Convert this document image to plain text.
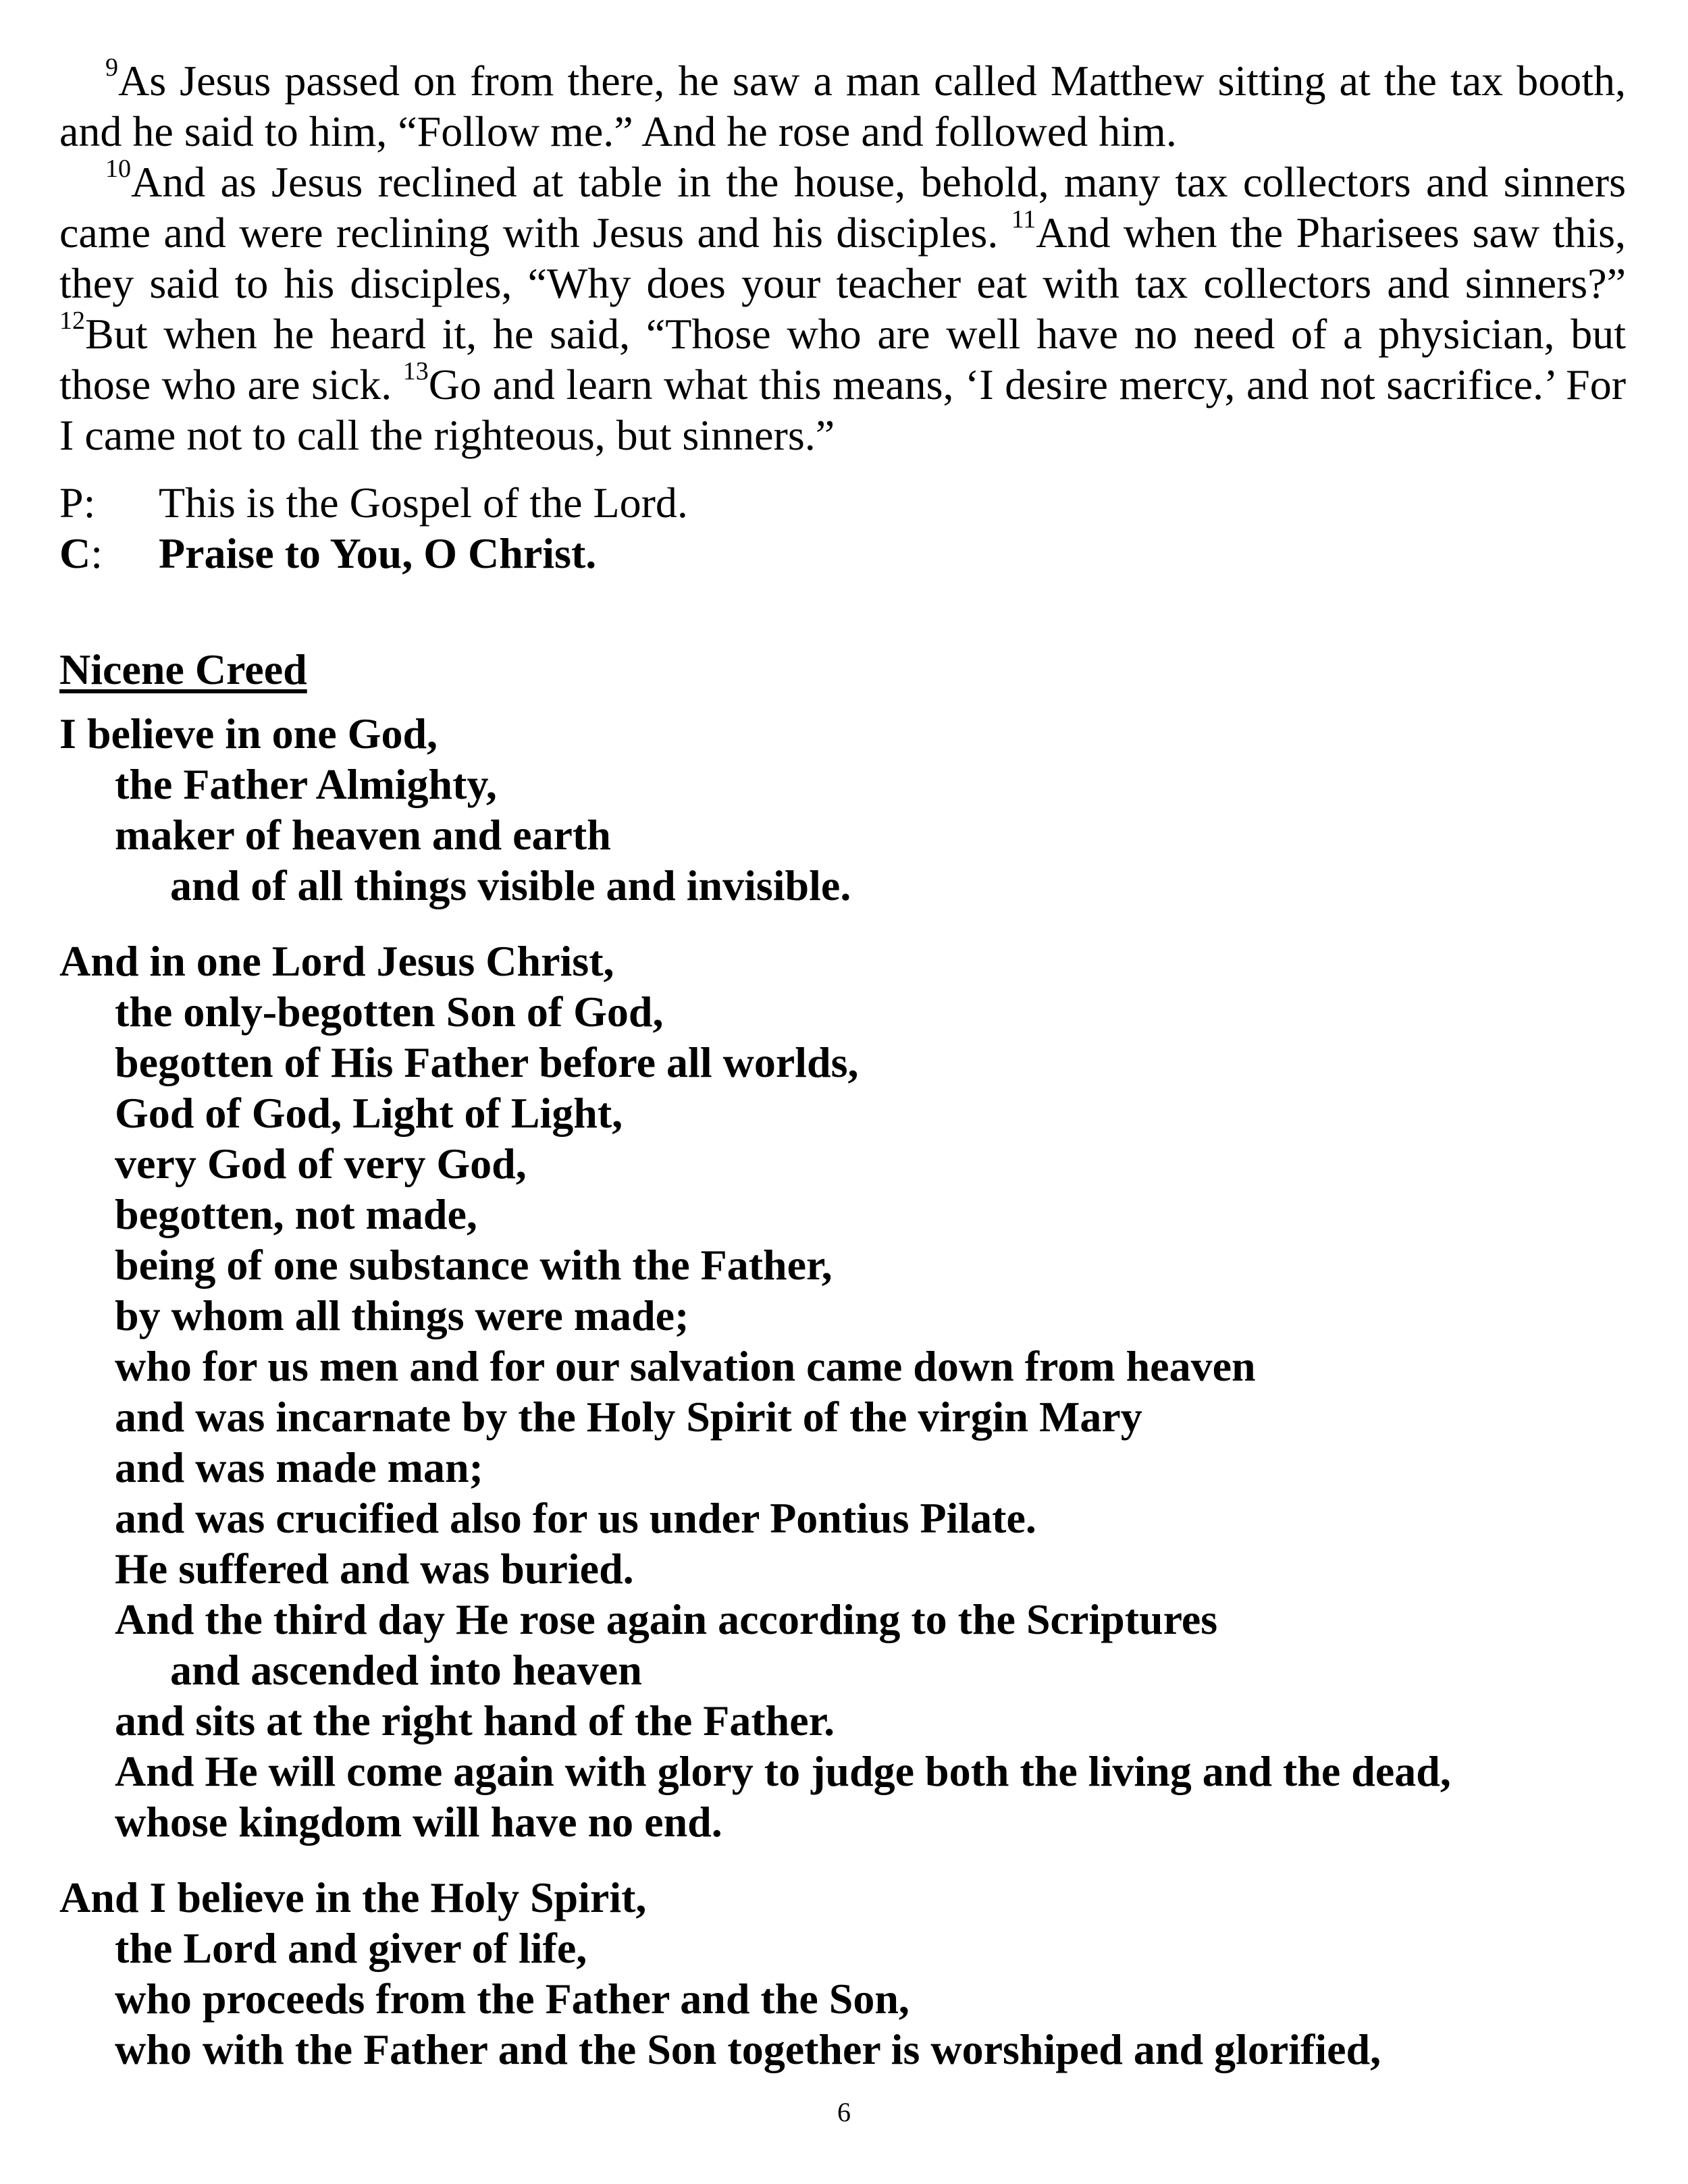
$^9$As Jesus passed on from there, he saw a man called Matthew sitting at the tax booth, and he said to him, “Follow me.” And he rose and followed him.

$^{10}$And as Jesus reclined at table in the house, behold, many tax collectors and sinners came and were reclining with Jesus and his disciples. $^{11}$And when the Pharisees saw this, they said to his disciples, “Why does your teacher eat with tax collectors and sinners?” $^{12}$But when he heard it, he said, “Those who are well have no need of a physician, but those who are sick. $^{13}$Go and learn what this means, ‘I desire mercy, and not sacrifice.’ For I came not to call the righteous, but sinners.”

P:	This is the Gospel of the Lord.
C:	Praise to You, O Christ.
Nicene Creed
I believe in one God,
the Father Almighty,
maker of heaven and earth
and of all things visible and invisible.
And in one Lord Jesus Christ,
the only-begotten Son of God,
begotten of His Father before all worlds,
God of God, Light of Light,
very God of very God,
begotten, not made,
being of one substance with the Father,
by whom all things were made;
who for us men and for our salvation came down from heaven
and was incarnate by the Holy Spirit of the virgin Mary
and was made man;
and was crucified also for us under Pontius Pilate.
He suffered and was buried.
And the third day He rose again according to the Scriptures
and ascended into heaven
and sits at the right hand of the Father.
And He will come again with glory to judge both the living and the dead,
whose kingdom will have no end.
And I believe in the Holy Spirit,
the Lord and giver of life,
who proceeds from the Father and the Son,
who with the Father and the Son together is worshiped and glorified,
6
